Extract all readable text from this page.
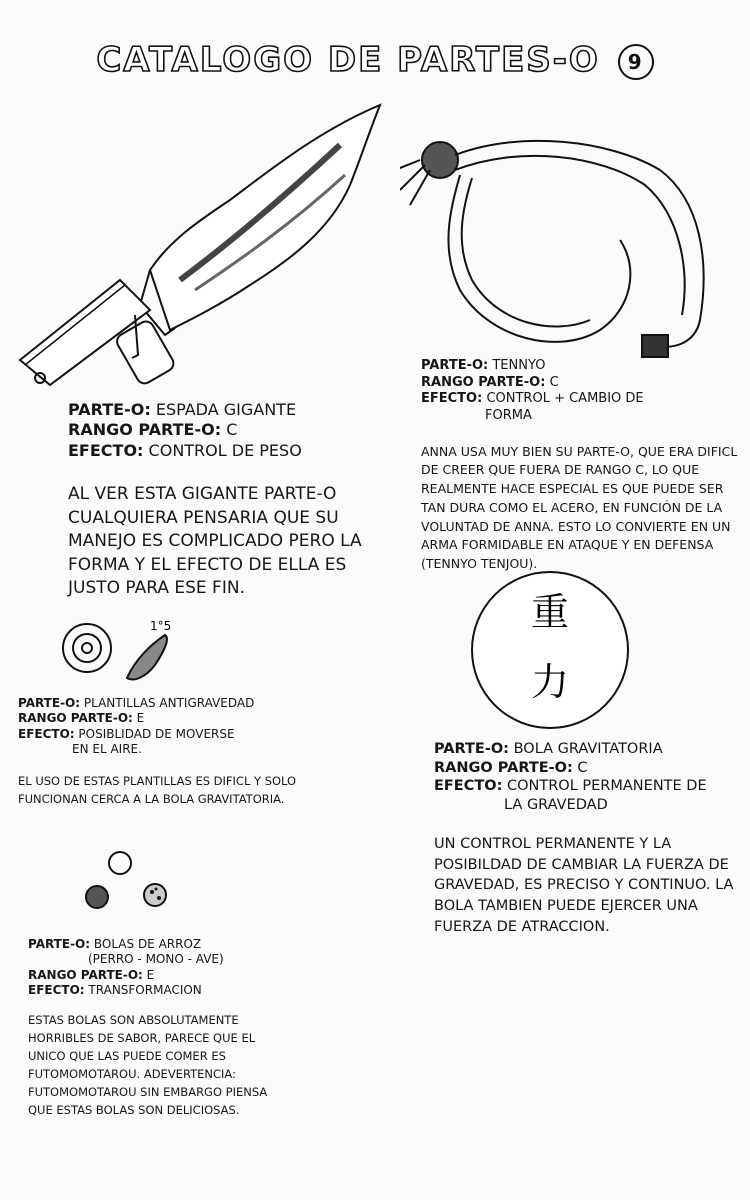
CATALOGO DE PARTES-O 9
1°5	重
力
PARTE-O: ESPADA GIGANTE
RANGO PARTE-O: C
EFECTO: CONTROL DE PESO
AL VER ESTA GIGANTE PARTE-O CUALQUIERA PENSARIA QUE SU MANEJO ES COMPLICADO PERO LA FORMA Y EL EFECTO DE ELLA ES JUSTO PARA ESE FIN.
PARTE-O: TENNYO
RANGO PARTE-O: C
EFECTO: CONTROL + CAMBIO DE
FORMA
ANNA USA MUY BIEN SU PARTE-O, QUE ERA DIFICL DE CREER QUE FUERA DE RANGO C, LO QUE REALMENTE HACE ESPECIAL ES QUE PUEDE SER TAN DURA COMO EL ACERO, EN FUNCIÓN DE LA VOLUNTAD DE ANNA. ESTO LO CONVIERTE EN UN ARMA FORMIDABLE EN ATAQUE Y EN DEFENSA (TENNYO TENJOU).
PARTE-O: PLANTILLAS ANTIGRAVEDAD
RANGO PARTE-O: E
EFECTO: POSIBLIDAD DE MOVERSE
EN EL AIRE.
EL USO DE ESTAS PLANTILLAS ES DIFICL Y SOLO FUNCIONAN CERCA A LA BOLA GRAVITATORIA.
PARTE-O: BOLA GRAVITATORIA
RANGO PARTE-O: C
EFECTO: CONTROL PERMANENTE DE
LA GRAVEDAD
UN CONTROL PERMANENTE Y LA POSIBILDAD DE CAMBIAR LA FUERZA DE GRAVEDAD, ES PRECISO Y CONTINUO. LA BOLA TAMBIEN PUEDE EJERCER UNA FUERZA DE ATRACCION.
PARTE-O: BOLAS DE ARROZ
(PERRO - MONO - AVE)
RANGO PARTE-O: E
EFECTO: TRANSFORMACION
ESTAS BOLAS SON ABSOLUTAMENTE HORRIBLES DE SABOR, PARECE QUE EL UNICO QUE LAS PUEDE COMER ES FUTOMOMOTAROU. ADEVERTENCIA: FUTOMOMOTAROU SIN EMBARGO PIENSA QUE ESTAS BOLAS SON DELICIOSAS.
